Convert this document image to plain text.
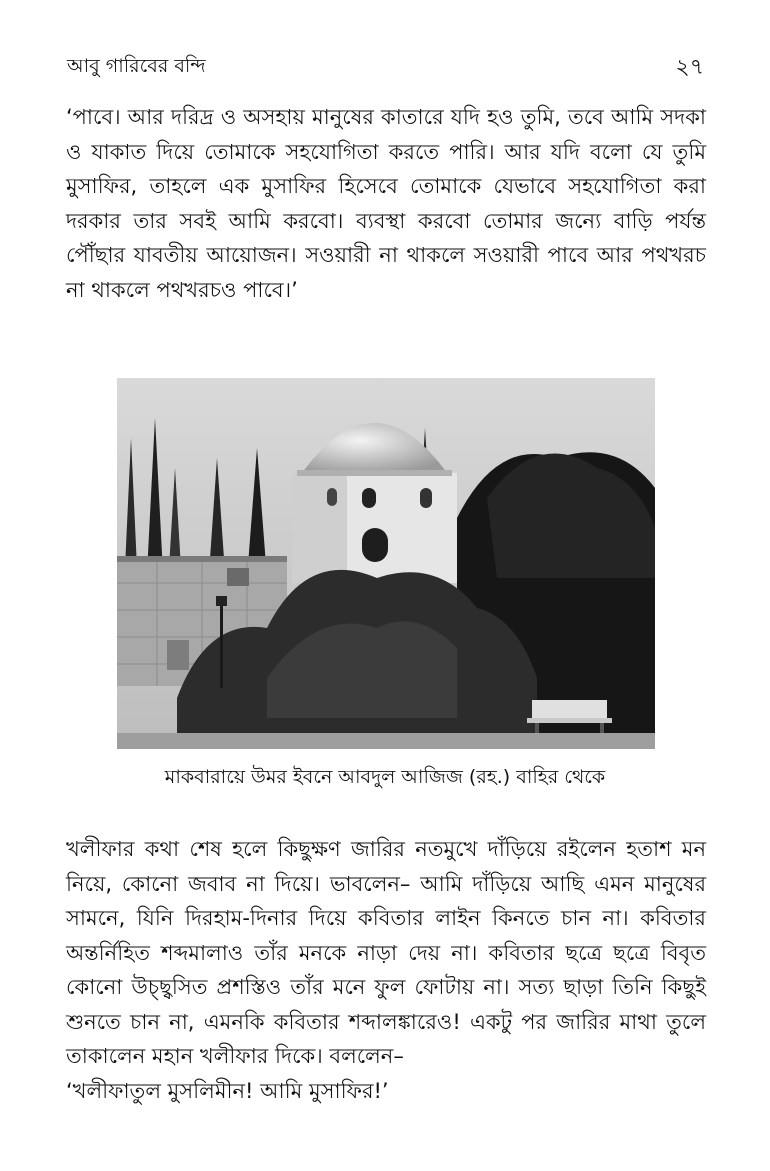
আবু গারিবের বন্দি	২৭

‘পাবে। আর দরিদ্র ও অসহায় মানুষের কাতারে যদি হও তুমি, তবে আমি সদকা ও যাকাত দিয়ে তোমাকে সহযোগিতা করতে পারি। আর যদি বলো যে তুমি মুসাফির, তাহলে এক মুসাফির হিসেবে তোমাকে যেভাবে সহযোগিতা করা দরকার তার সবই আমি করবো। ব্যবস্থা করবো তোমার জন্যে বাড়ি পর্যন্ত পৌঁছার যাবতীয় আয়োজন। সওয়ারী না থাকলে সওয়ারী পাবে আর পথখরচ না থাকলে পথখরচও পাবে।’

মাকবারায়ে উমর ইবনে আবদুল আজিজ (রহ.) বাহির থেকে

খলীফার কথা শেষ হলে কিছুক্ষণ জারির নতমুখে দাঁড়িয়ে রইলেন হতাশ মন নিয়ে, কোনো জবাব না দিয়ে। ভাবলেন– আমি দাঁড়িয়ে আছি এমন মানুষের সামনে, যিনি দিরহাম-দিনার দিয়ে কবিতার লাইন কিনতে চান না। কবিতার অন্তর্নিহিত শব্দমালাও তাঁর মনকে নাড়া দেয় না। কবিতার ছত্রে ছত্রে বিবৃত কোনো উচ্ছ্বসিত প্রশস্তিও তাঁর মনে ফুল ফোটায় না। সত্য ছাড়া তিনি কিছুই শুনতে চান না, এমনকি কবিতার শব্দালঙ্কারেও! একটু পর জারির মাথা তুলে তাকালেন মহান খলীফার দিকে। বললেন–
‘খলীফাতুল মুসলিমীন! আমি মুসাফির!’
